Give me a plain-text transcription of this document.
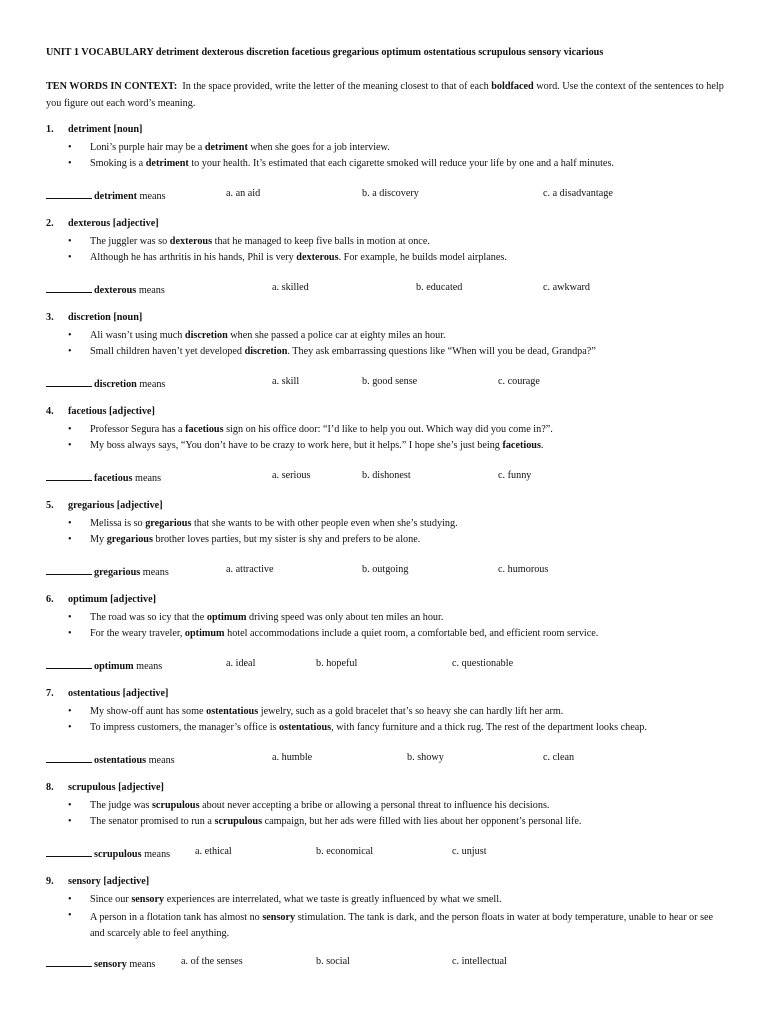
UNIT 1 VOCABULARY detriment dexterous discretion facetious gregarious optimum ostentatious scrupulous sensory vicarious
TEN WORDS IN CONTEXT: In the space provided, write the letter of the meaning closest to that of each boldfaced word. Use the context of the sentences to help you figure out each word’s meaning.
1. detriment [noun]
• Loni’s purple hair may be a detriment when she goes for a job interview.
• Smoking is a detriment to your health. It’s estimated that each cigarette smoked will reduce your life by one and a half minutes.
detriment means	a. an aid	b. a discovery	c. a disadvantage
2. dexterous [adjective]
• The juggler was so dexterous that he managed to keep five balls in motion at once.
• Although he has arthritis in his hands, Phil is very dexterous. For example, he builds model airplanes.
dexterous means	a. skilled	b. educated	c. awkward
3. discretion [noun]
• Ali wasn’t using much discretion when she passed a police car at eighty miles an hour.
• Small children haven’t yet developed discretion. They ask embarrassing questions like “When will you be dead, Grandpa?”
discretion means	a. skill	b. good sense	c. courage
4. facetious [adjective]
• Professor Segura has a facetious sign on his office door: “I’d like to help you out. Which way did you come in?”.
• My boss always says, “You don’t have to be crazy to work here, but it helps.” I hope she’s just being facetious.
facetious means	a. serious	b. dishonest	c. funny
5. gregarious [adjective]
• Melissa is so gregarious that she wants to be with other people even when she’s studying.
• My gregarious brother loves parties, but my sister is shy and prefers to be alone.
gregarious means	a. attractive	b. outgoing	c. humorous
6. optimum [adjective]
• The road was so icy that the optimum driving speed was only about ten miles an hour.
• For the weary traveler, optimum hotel accommodations include a quiet room, a comfortable bed, and efficient room service.
optimum means	a. ideal	b. hopeful	c. questionable
7. ostentatious [adjective]
• My show-off aunt has some ostentatious jewelry, such as a gold bracelet that’s so heavy she can hardly lift her arm.
• To impress customers, the manager’s office is ostentatious, with fancy furniture and a thick rug. The rest of the department looks cheap.
ostentatious means	a. humble	b. showy	c. clean
8. scrupulous [adjective]
• The judge was scrupulous about never accepting a bribe or allowing a personal threat to influence his decisions.
• The senator promised to run a scrupulous campaign, but her ads were filled with lies about her opponent’s personal life.
scrupulous means a. ethical	b. economical	c. unjust
9. sensory [adjective]
• Since our sensory experiences are interrelated, what we taste is greatly influenced by what we smell.
• A person in a flotation tank has almost no sensory stimulation. The tank is dark, and the person floats in water at body temperature, unable to hear or see and scarcely able to feel anything.
sensory means	a. of the senses	b. social	c. intellectual
